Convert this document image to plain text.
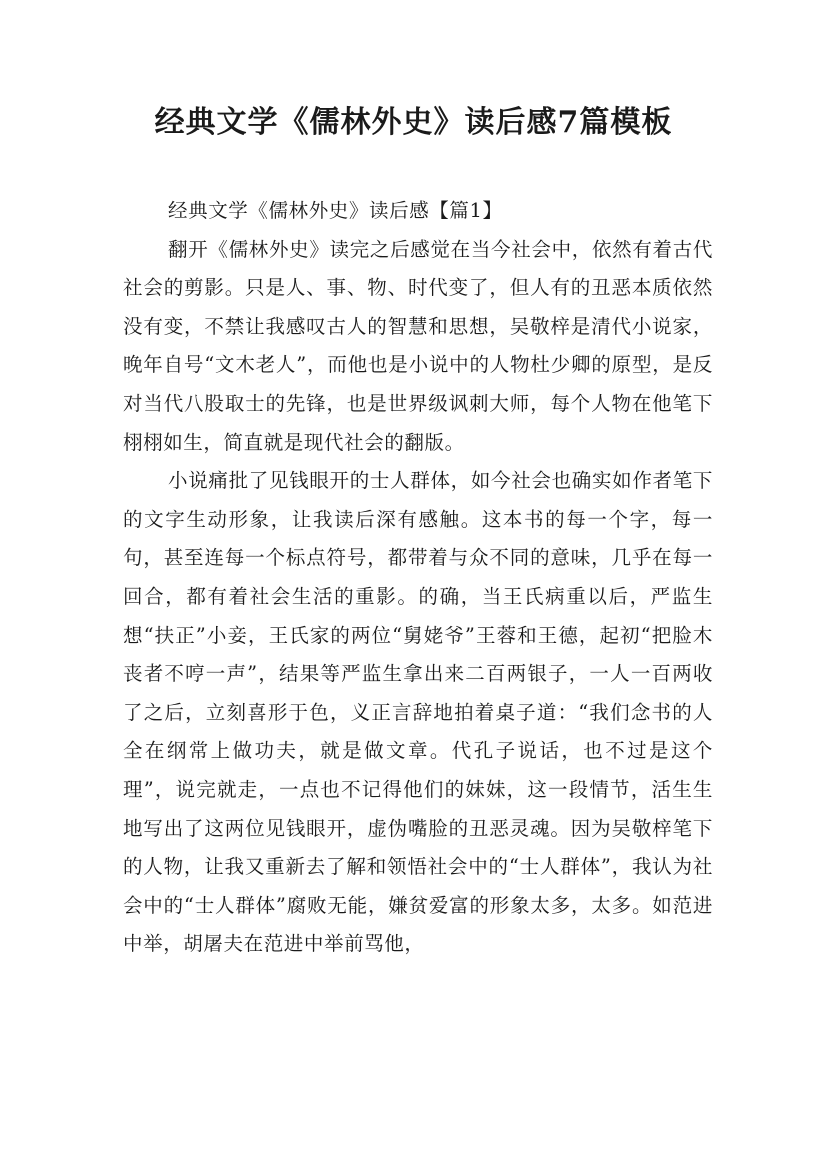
经典文学《儒林外史》读后感7篇模板

经典文学《儒林外史》读后感【篇1】

翻开《儒林外史》读完之后感觉在当今社会中，依然有着古代社会的剪影。只是人、事、物、时代变了，但人有的丑恶本质依然没有变，不禁让我感叹古人的智慧和思想，吴敬梓是清代小说家，晚年自号“文木老人”，而他也是小说中的人物杜少卿的原型，是反对当代八股取士的先锋，也是世界级讽刺大师，每个人物在他笔下栩栩如生，简直就是现代社会的翻版。

小说痛批了见钱眼开的士人群体，如今社会也确实如作者笔下的文字生动形象，让我读后深有感触。这本书的每一个字，每一句，甚至连每一个标点符号，都带着与众不同的意味，几乎在每一回合，都有着社会生活的重影。的确，当王氏病重以后，严监生想“扶正”小妾，王氏家的两位“舅姥爷”王蓉和王德，起初“把脸木丧者不哼一声”，结果等严监生拿出来二百两银子，一人一百两收了之后，立刻喜形于色，义正言辞地拍着桌子道：“我们念书的人全在纲常上做功夫，就是做文章。代孔子说话，也不过是这个理”，说完就走，一点也不记得他们的妹妹，这一段情节，活生生地写出了这两位见钱眼开，虚伪嘴脸的丑恶灵魂。因为吴敬梓笔下的人物，让我又重新去了解和领悟社会中的“士人群体”，我认为社会中的“士人群体”腐败无能，嫌贫爱富的形象太多，太多。如范进中举，胡屠夫在范进中举前骂他，
